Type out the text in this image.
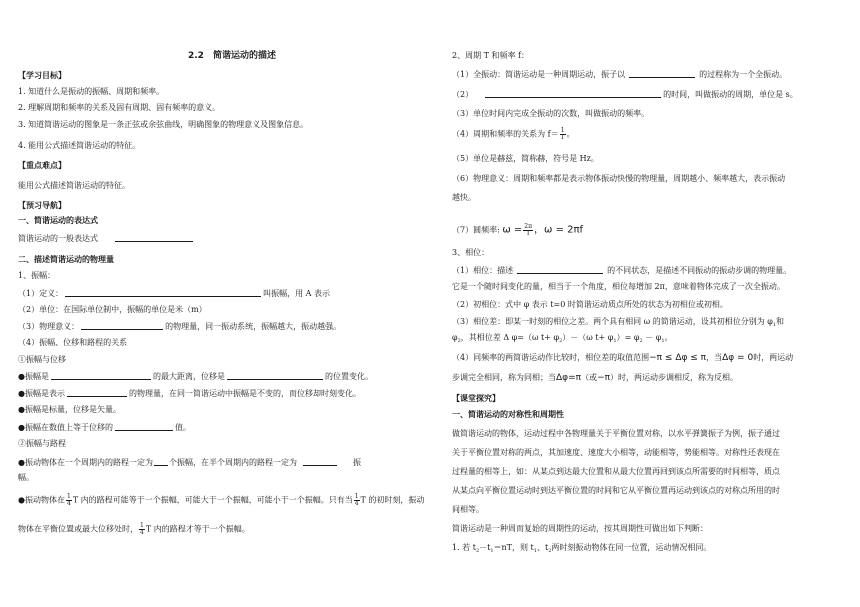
2.2　简谐运动的描述
【学习目标】
1. 知道什么是振动的振幅、周期和频率。
2. 理解周期和频率的关系及固有周期、固有频率的意义。
3. 知道简谐运动的图象是一条正弦或余弦曲线，明确图象的物理意义及图象信息。
4. 能用公式描述简谐运动的特征。
【重点难点】
能用公式描述简谐运动的特征。
【预习导航】
一、简谐运动的表达式
简谐运动的一般表达式
二、描述简谐运动的物理量
1、振幅：
（1）定义：	叫振幅，用 A 表示
（2）单位：在国际单位制中，振幅的单位是米（m）
（3）物理意义：	的物理量，同一振动系统，振幅越大，振动越强。
（4）振幅、位移和路程的关系
①振幅与位移
●振幅是	的最大距离，位移是	的位置变化。
●振幅是表示	的物理量，在同一简谐运动中振幅是不变的，而位移却时刻变化。
●振幅是标量，位移是矢量。
●振幅在数值上等于位移的	值。
②振幅与路程
●振动物体在一个周期内的路程一定为 个振幅，在半个周期内的路程一定为	振
幅。
●振动物体在 $\frac{1}{4}$ T 内的路程可能等于一个振幅，可能大于一个振幅，可能小于一个振幅。只有当 $\frac{1}{4}$ T 的初时刻，振动
物体在平衡位置或最大位移处时， $\frac{1}{4}$ T 内的路程才等于一个振幅。
2、周期 T 和频率 f：
（1）全振动：简谐运动是一种周期运动，振子以	的过程称为一个全振动。
（2）	的时间，叫做振动的周期，单位是 s。
（3）单位时间内完成全振动的次数，叫做振动的频率。
（4）周期和频率的关系为 $f= \frac{1}{T}$ 。
（5）单位是赫兹，简称赫，符号是 Hz。
（6）物理意义：周期和频率都是表示物体振动快慢的物理量，周期越小、频率越大，表示振动
越快。
（7）圆频率: $\omega = \frac{2\pi}{T}$ ，ω = 2πf
3、相位：
（1）相位：描述	的不同状态，是描述不同振动的振动步调的物理量。
它是一个随时间变化的量，相当于一个角度，相位每增加 2π，意味着物体完成了一次全振动。
（2）初相位：式中 φ 表示 t=0 时简谐运动质点所处的状态为初相位或初相。
（3）相位差：即某一时刻的相位之差。两个具有相同 ω 的简谐运动，设其初相位分别为 $\varphi_1$和
$\varphi_2$，其相位差 Δ φ=（ω $t+ \varphi_2)-(\omega$ $t+ \varphi_1)= \varphi_2 - \varphi_1$。
（4）同频率的两简谐运动作比较时，相位差的取值范围−π ≤ Δφ ≤ π，当Δφ = 0时，两运动
步调完全相同，称为同相；当Δφ=π（或−π）时，两运动步调相反，称为反相。
【课堂探究】
一、简谐运动的对称性和周期性
做简谐运动的物体，运动过程中各物理量关于平衡位置对称，以水平弹簧振子为例，振子通过
关于平衡位置对称的两点，其加速度、速度大小相等，动能相等，势能相等。对称性还表现在
过程量的相等上，如：从某点到达最大位置和从最大位置再回到该点所需要的时间相等，质点
从某点向平衡位置运动时到达平衡位置的时间和它从平衡位置再运动到该点的对称点所用的时
间相等。
简谐运动是一种周而复始的周期性的运动，按其周期性可做出如下判断：
1. 若 $t_2-t_1=nT$，则 $t_1$、$t_2$两时刻振动物体在同一位置，运动情况相同。
